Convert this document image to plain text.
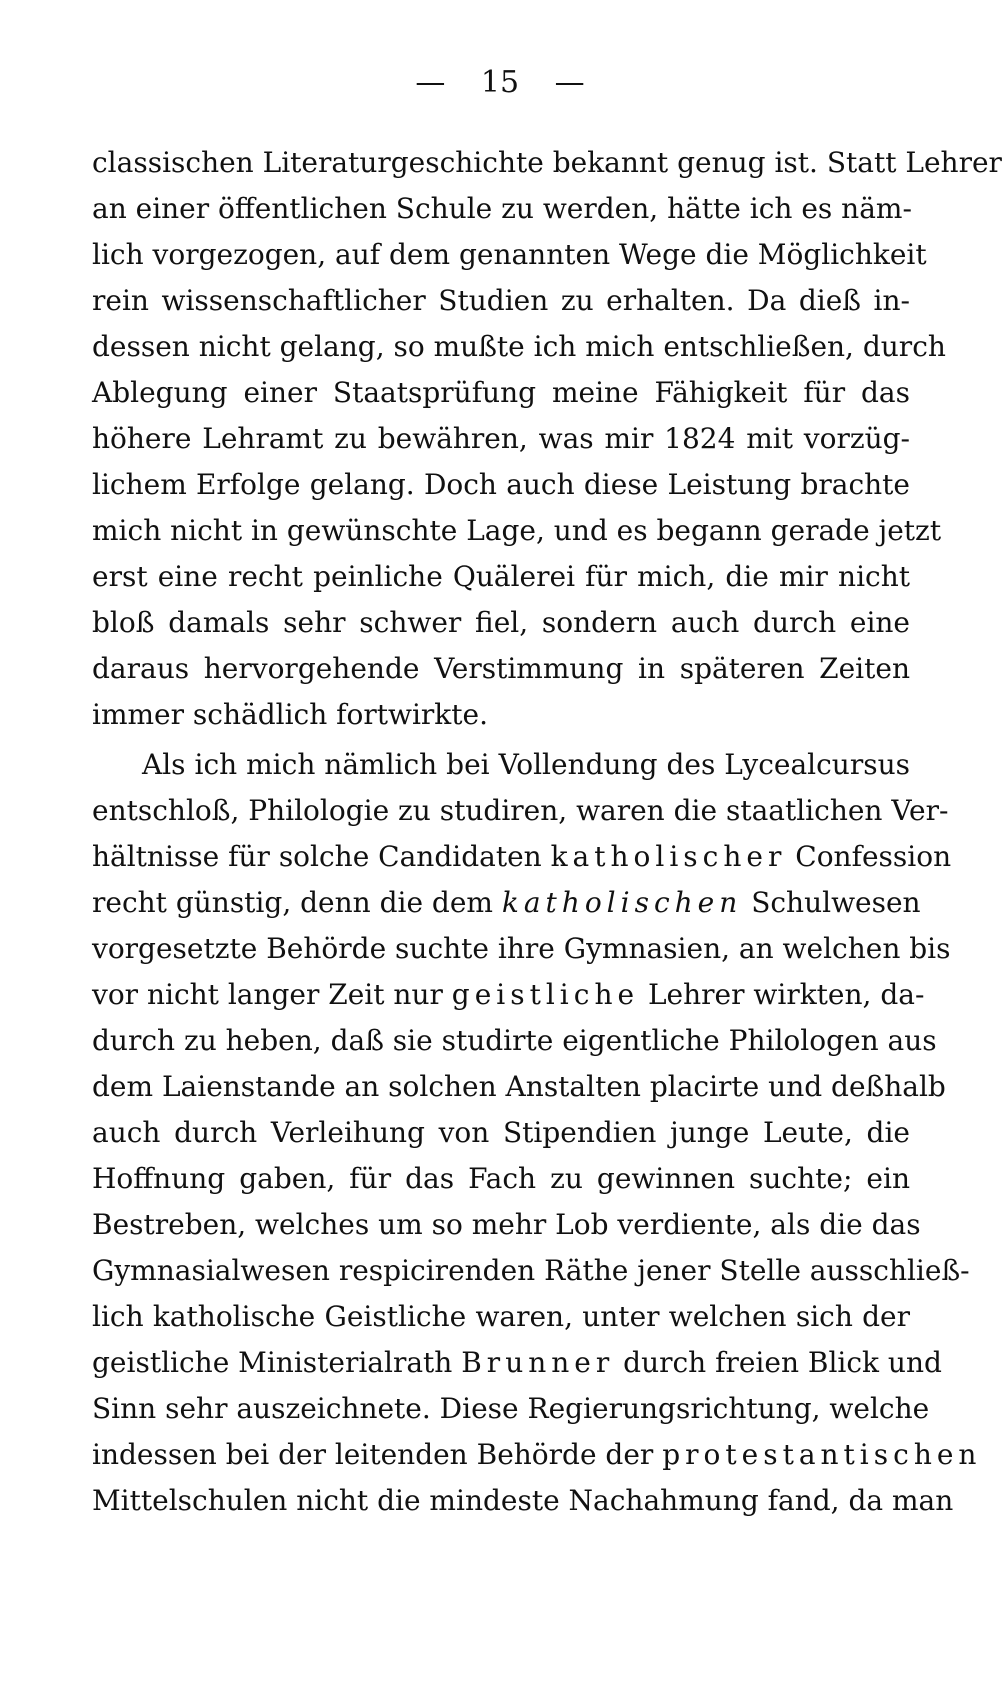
— 15 —
classischen Literaturgeschichte bekannt genug ist. Statt Lehrer
an einer öffentlichen Schule zu werden, hätte ich es näm-
lich vorgezogen, auf dem genannten Wege die Möglichkeit
rein wissenschaftlicher Studien zu erhalten. Da dieß in-
dessen nicht gelang, so mußte ich mich entschließen, durch
Ablegung einer Staatsprüfung meine Fähigkeit für das
höhere Lehramt zu bewähren, was mir 1824 mit vorzüg-
lichem Erfolge gelang. Doch auch diese Leistung brachte
mich nicht in gewünschte Lage, und es begann gerade jetzt
erst eine recht peinliche Quälerei für mich, die mir nicht
bloß damals sehr schwer fiel, sondern auch durch eine
daraus hervorgehende Verstimmung in späteren Zeiten
immer schädlich fortwirkte.
Als ich mich nämlich bei Vollendung des Lycealcursus
entschloß, Philologie zu studiren, waren die staatlichen Ver-
hältnisse für solche Candidaten katholischer Confession
recht günstig, denn die dem katholischen Schulwesen
vorgesetzte Behörde suchte ihre Gymnasien, an welchen bis
vor nicht langer Zeit nur geistliche Lehrer wirkten, da-
durch zu heben, daß sie studirte eigentliche Philologen aus
dem Laienstande an solchen Anstalten placirte und deßhalb
auch durch Verleihung von Stipendien junge Leute, die
Hoffnung gaben, für das Fach zu gewinnen suchte; ein
Bestreben, welches um so mehr Lob verdiente, als die das
Gymnasialwesen respicirenden Räthe jener Stelle ausschließ-
lich katholische Geistliche waren, unter welchen sich der
geistliche Ministerialrath Brunner durch freien Blick und
Sinn sehr auszeichnete. Diese Regierungsrichtung, welche
indessen bei der leitenden Behörde der protestantischen
Mittelschulen nicht die mindeste Nachahmung fand, da man
